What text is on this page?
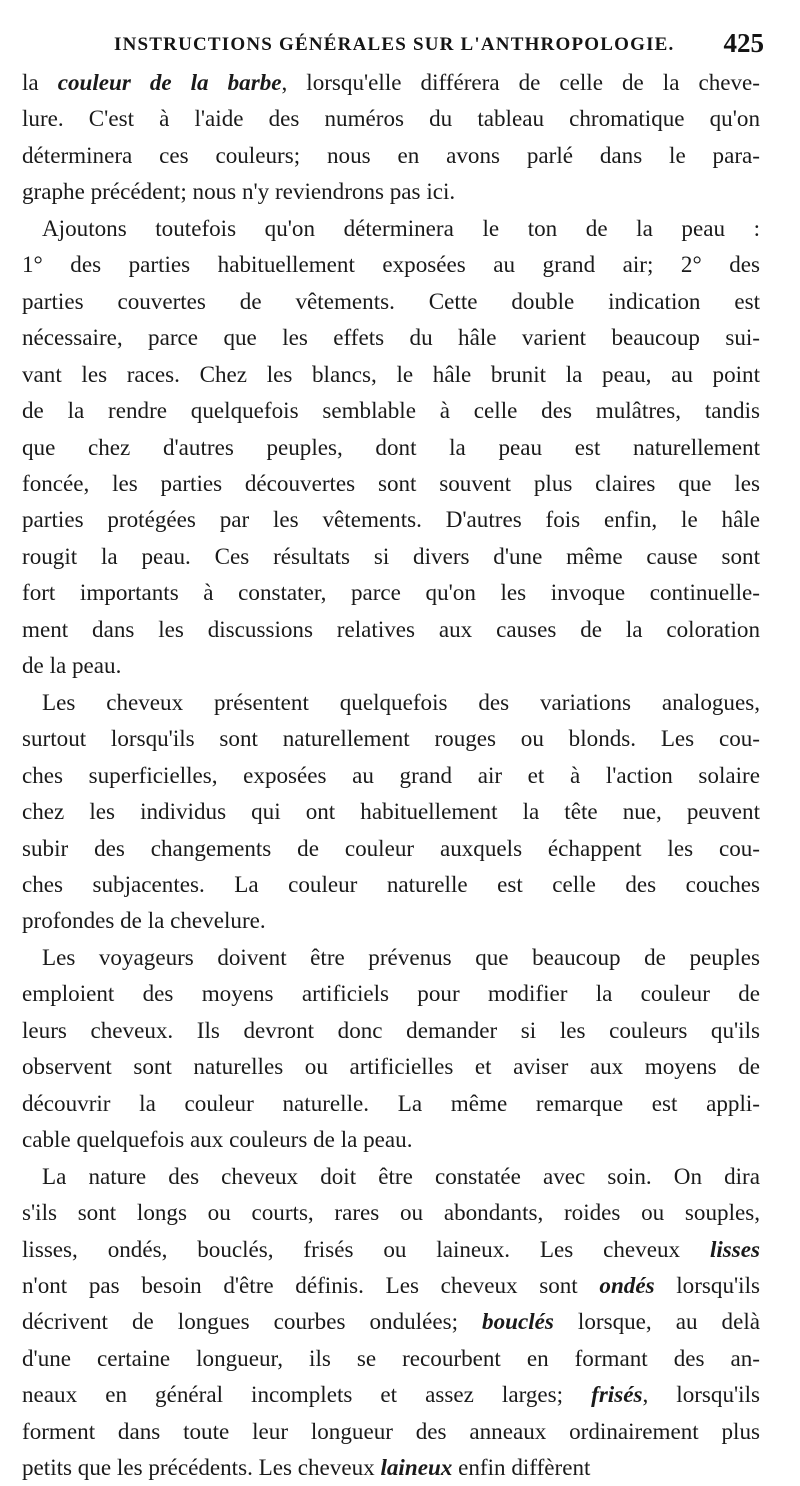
INSTRUCTIONS GÉNÉRALES SUR L'ANTHROPOLOGIE. 425

la couleur de la barbe, lorsqu'elle différera de celle de la cheve-
lure. C'est à l'aide des numéros du tableau chromatique qu'on
déterminera ces couleurs; nous en avons parlé dans le para-
graphe précédent; nous n'y reviendrons pas ici.

Ajoutons toutefois qu'on déterminera le ton de la peau :
1° des parties habituellement exposées au grand air; 2° des
parties couvertes de vêtements. Cette double indication est
nécessaire, parce que les effets du hâle varient beaucoup sui-
vant les races. Chez les blancs, le hâle brunit la peau, au point
de la rendre quelquefois semblable à celle des mulâtres, tandis
que chez d'autres peuples, dont la peau est naturellement
foncée, les parties découvertes sont souvent plus claires que les
parties protégées par les vêtements. D'autres fois enfin, le hâle
rougit la peau. Ces résultats si divers d'une même cause sont
fort importants à constater, parce qu'on les invoque continuelle-
ment dans les discussions relatives aux causes de la coloration
de la peau.

Les cheveux présentent quelquefois des variations analogues,
surtout lorsqu'ils sont naturellement rouges ou blonds. Les cou-
ches superficielles, exposées au grand air et à l'action solaire
chez les individus qui ont habituellement la tête nue, peuvent
subir des changements de couleur auxquels échappent les cou-
ches subjacentes. La couleur naturelle est celle des couches
profondes de la chevelure.

Les voyageurs doivent être prévenus que beaucoup de peuples
emploient des moyens artificiels pour modifier la couleur de
leurs cheveux. Ils devront donc demander si les couleurs qu'ils
observent sont naturelles ou artificielles et aviser aux moyens de
découvrir la couleur naturelle. La même remarque est appli-
cable quelquefois aux couleurs de la peau.

La nature des cheveux doit être constatée avec soin. On dira
s'ils sont longs ou courts, rares ou abondants, roides ou souples,
lisses, ondés, bouclés, frisés ou laineux. Les cheveux lisses
n'ont pas besoin d'être définis. Les cheveux sont ondés lorsqu'ils
décrivent de longues courbes ondulées; bouclés lorsque, au delà
d'une certaine longueur, ils se recourbent en formant des an-
neaux en général incomplets et assez larges; frisés, lorsqu'ils
forment dans toute leur longueur des anneaux ordinairement plus
petits que les précédents. Les cheveux laineux enfin diffèrent
